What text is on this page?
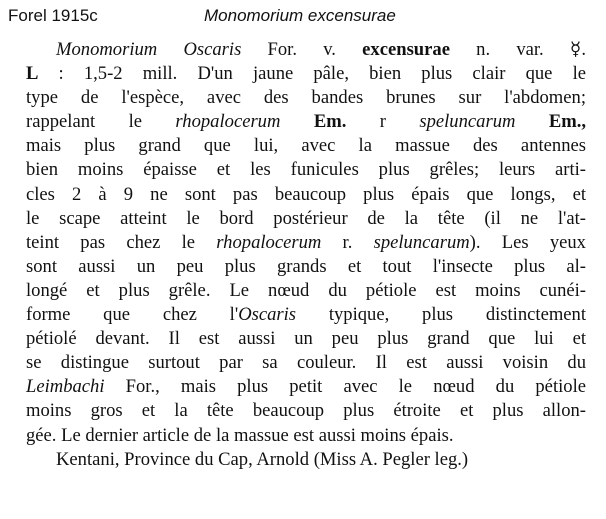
Forel 1915c	Monomorium excensurae
Monomorium Oscaris For. v. excensurae n. var. ☿.
L : 1,5-2 mill. D'un jaune pâle, bien plus clair que le
type de l'espèce, avec des bandes brunes sur l'abdomen;
rappelant le rhopalocerum Em. r speluncarum Em.,
mais plus grand que lui, avec la massue des antennes
bien moins épaisse et les funicules plus grêles; leurs arti-
cles 2 à 9 ne sont pas beaucoup plus épais que longs, et
le scape atteint le bord postérieur de la tête (il ne l'at-
teint pas chez le rhopalocerum r. speluncarum). Les yeux
sont aussi un peu plus grands et tout l'insecte plus al-
longé et plus grêle. Le nœud du pétiole est moins cunéi-
forme que chez l'Oscaris typique, plus distinctement
pétiolé devant. Il est aussi un peu plus grand que lui et
se distingue surtout par sa couleur. Il est aussi voisin du
Leimbachi For., mais plus petit avec le nœud du pétiole
moins gros et la tête beaucoup plus étroite et plus allon-
gée. Le dernier article de la massue est aussi moins épais.
Kentani, Province du Cap, Arnold (Miss A. Pegler leg.)
